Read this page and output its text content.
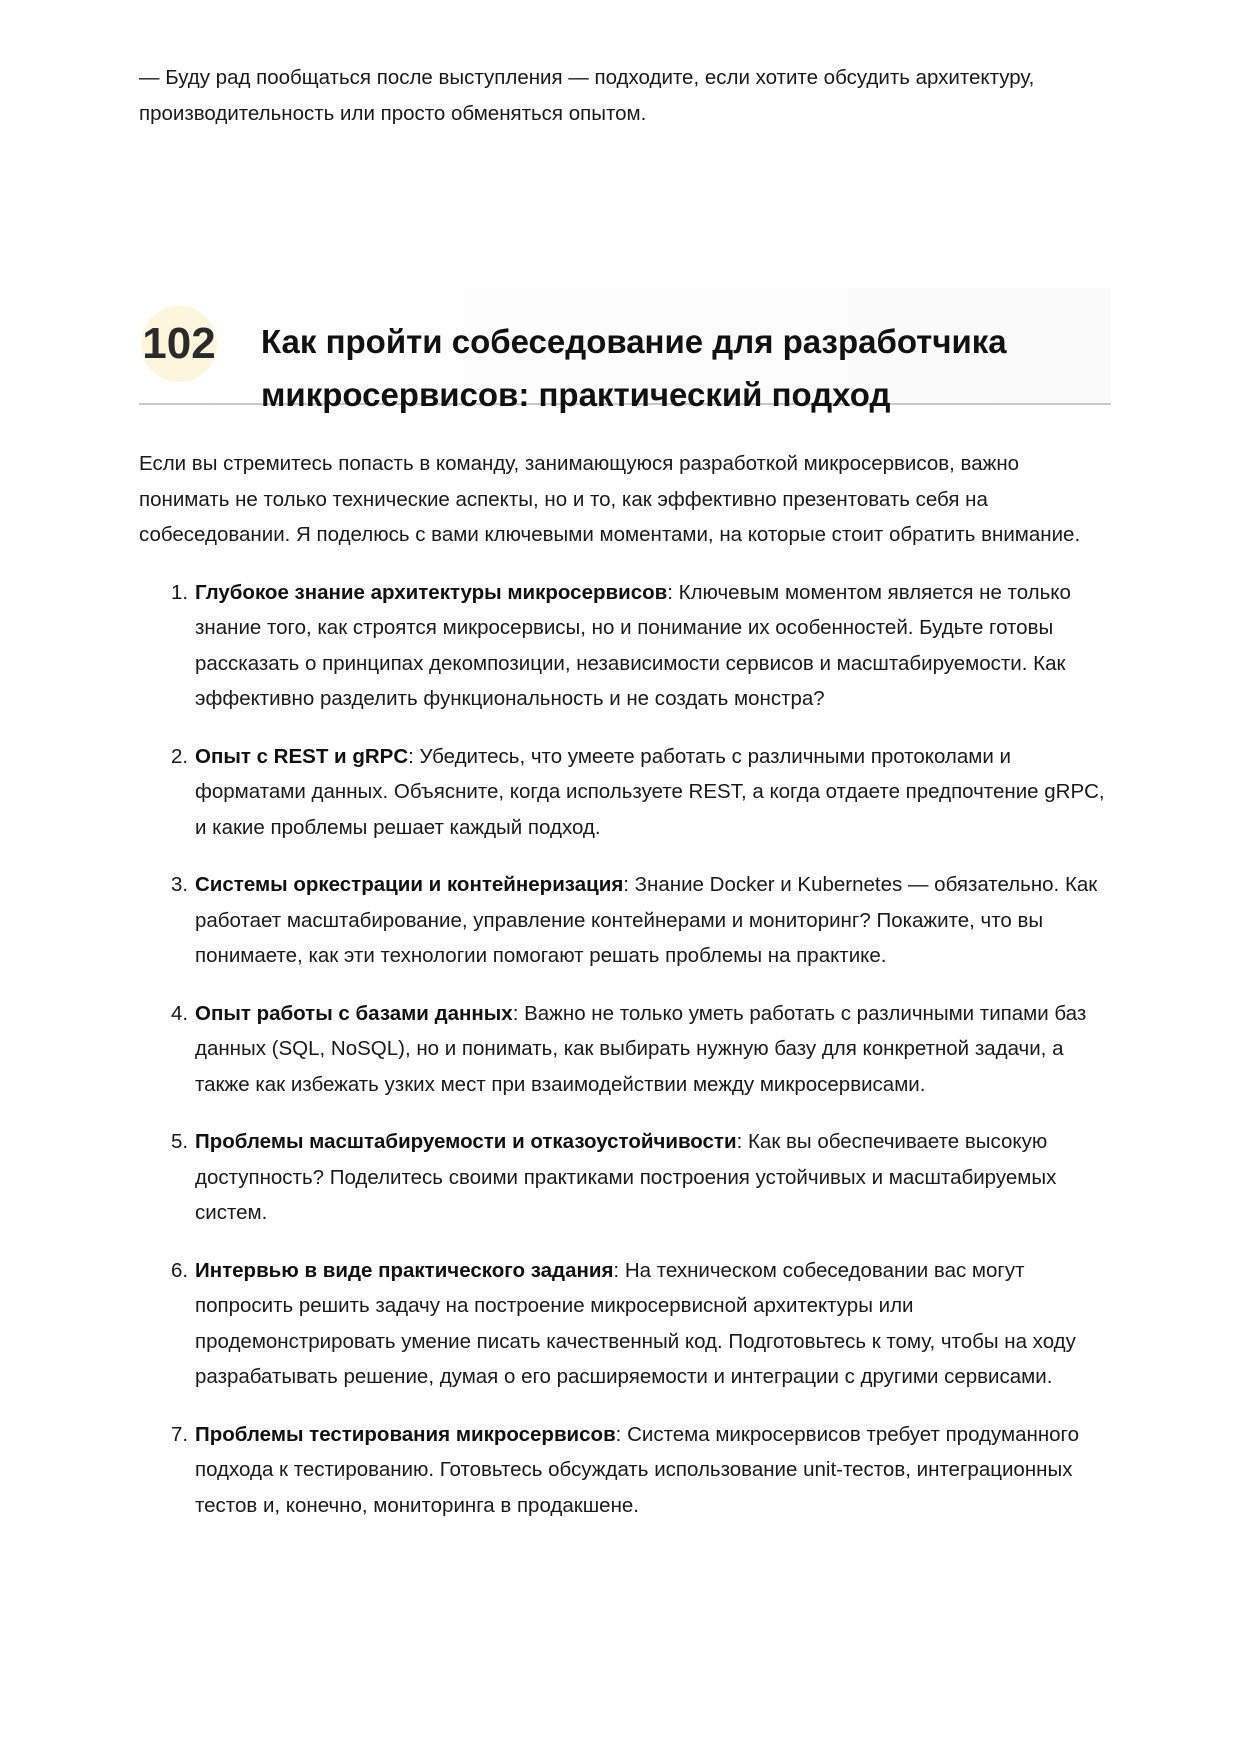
— Буду рад пообщаться после выступления — подходите, если хотите обсудить архитектуру, производительность или просто обменяться опытом.

102 Как пройти собеседование для разработчика микросервисов: практический подход

Если вы стремитесь попасть в команду, занимающуюся разработкой микросервисов, важно понимать не только технические аспекты, но и то, как эффективно презентовать себя на собеседовании. Я поделюсь с вами ключевыми моментами, на которые стоит обратить внимание.

1. Глубокое знание архитектуры микросервисов: Ключевым моментом является не только знание того, как строятся микросервисы, но и понимание их особенностей. Будьте готовы рассказать о принципах декомпозиции, независимости сервисов и масштабируемости. Как эффективно разделить функциональность и не создать монстра?
2. Опыт с REST и gRPC: Убедитесь, что умеете работать с различными протоколами и форматами данных. Объясните, когда используете REST, а когда отдаете предпочтение gRPC, и какие проблемы решает каждый подход.
3. Системы оркестрации и контейнеризация: Знание Docker и Kubernetes — обязательно. Как работает масштабирование, управление контейнерами и мониторинг? Покажите, что вы понимаете, как эти технологии помогают решать проблемы на практике.
4. Опыт работы с базами данных: Важно не только уметь работать с различными типами баз данных (SQL, NoSQL), но и понимать, как выбирать нужную базу для конкретной задачи, а также как избежать узких мест при взаимодействии между микросервисами.
5. Проблемы масштабируемости и отказоустойчивости: Как вы обеспечиваете высокую доступность? Поделитесь своими практиками построения устойчивых и масштабируемых систем.
6. Интервью в виде практического задания: На техническом собеседовании вас могут попросить решить задачу на построение микросервисной архитектуры или продемонстрировать умение писать качественный код. Подготовьтесь к тому, чтобы на ходу разрабатывать решение, думая о его расширяемости и интеграции с другими сервисами.
7. Проблемы тестирования микросервисов: Система микросервисов требует продуманного подхода к тестированию. Готовьтесь обсуждать использование unit-тестов, интеграционных тестов и, конечно, мониторинга в продакшене.
